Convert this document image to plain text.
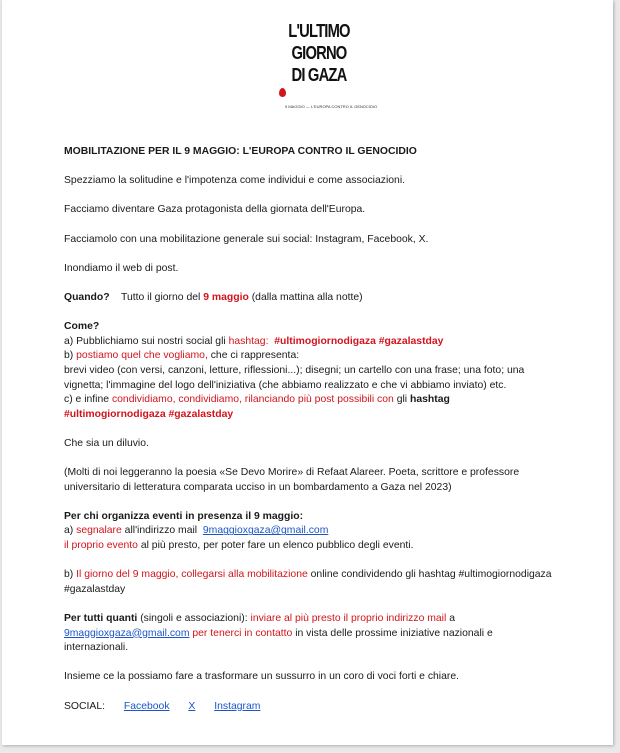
L'ULTIMO
GIORNO
DI GAZA
9 MAGGIO — L'EUROPA CONTRO IL GENOCIDIO

MOBILITAZIONE PER IL 9 MAGGIO: L'EUROPA CONTRO IL GENOCIDIO

Spezziamo la solitudine e l'impotenza come individui e come associazioni.

Facciamo diventare Gaza protagonista della giornata dell'Europa.

Facciamolo con una mobilitazione generale sui social: Instagram, Facebook, X.

Inondiamo il web di post.

Quando? Tutto il giorno del 9 maggio (dalla mattina alla notte)

Come?
a) Pubblichiamo sui nostri social gli hashtag: #ultimogiornodigaza #gazalastday
b) postiamo quel che vogliamo, che ci rappresenta:
brevi video (con versi, canzoni, letture, riflessioni...); disegni; un cartello con una frase; una foto; una vignetta; l'immagine del logo dell'iniziativa (che abbiamo realizzato e che vi abbiamo inviato) etc.
c) e infine condividiamo, condividiamo, rilanciando più post possibili con gli hashtag
#ultimogiornodigaza #gazalastday

Che sia un diluvio.

(Molti di noi leggeranno la poesia «Se Devo Morire» di Refaat Alareer. Poeta, scrittore e professore universitario di letteratura comparata ucciso in un bombardamento a Gaza nel 2023)

Per chi organizza eventi in presenza il 9 maggio:
a) segnalare all'indirizzo mail 9maggioxgaza@gmail.com
il proprio evento al più presto, per poter fare un elenco pubblico degli eventi.

b) Il giorno del 9 maggio, collegarsi alla mobilitazione online condividendo gli hashtag #ultimogiornodigaza #gazalastday

Per tutti quanti (singoli e associazioni): inviare al più presto il proprio indirizzo mail a
9maggioxgaza@gmail.com per tenerci in contatto in vista delle prossime iniziative nazionali e internazionali.

Insieme ce la possiamo fare a trasformare un sussurro in un coro di voci forti e chiare.

SOCIAL: Facebook X Instagram
